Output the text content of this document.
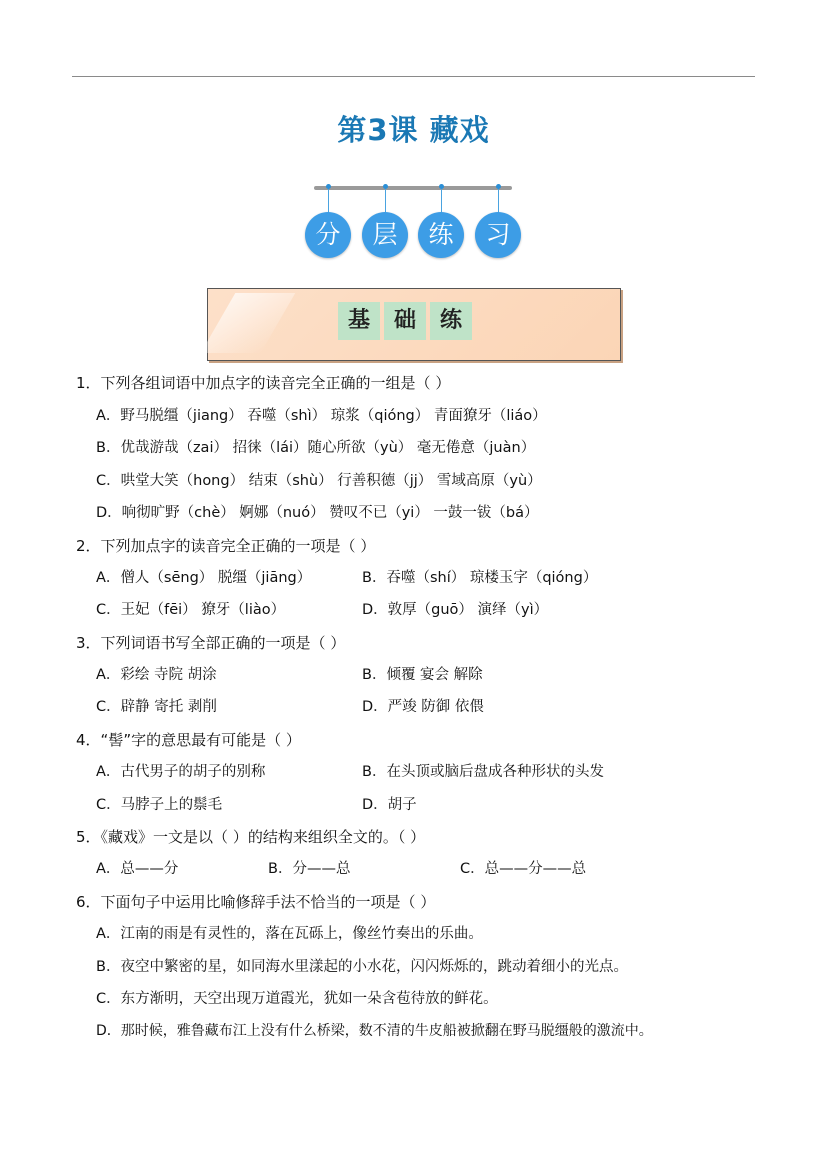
第3课 藏戏
分	层	练	习
基	础	练
1．下列各组词语中加点字的读音完全正确的一组是（ ）
A．野马脱缰（jiang） 吞噬（shì） 琼浆（qióng） 青面獠牙（liáo）
B．优哉游哉（zai） 招徕（lái）随心所欲（yù） 毫无倦意（juàn）
C．哄堂大笑（hong） 结束（shù） 行善积德（jj） 雪域高原（yù）
D．响彻旷野（chè） 婀娜（nuó） 赞叹不已（yi） 一鼓一钹（bá）
2．下列加点字的读音完全正确的一项是（ ）
A．僧人（sēng） 脱缰（jiāng）	B．吞噬（shí） 琼楼玉字（qióng）
C．王妃（fēi） 獠牙（liào）	D．敦厚（guō） 演绎（yì）
3．下列词语书写全部正确的一项是（ ）
A．彩绘 寺院 胡涂	B．倾覆 宴会 解除
C．辟静 寄托 剥削	D．严竣 防御 依偎
4．“髻”字的意思最有可能是（ ）
A．古代男子的胡子的别称	B．在头顶或脑后盘成各种形状的头发
C．马脖子上的鬃毛	D．胡子
5．《藏戏》一文是以（ ）的结构来组织全文的。（ ）
A．总——分	B．分——总	C．总——分——总
6．下面句子中运用比喻修辞手法不恰当的一项是（ ）
A．江南的雨是有灵性的，落在瓦砾上，像丝竹奏出的乐曲。
B．夜空中繁密的星，如同海水里漾起的小水花，闪闪烁烁的，跳动着细小的光点。
C．东方渐明，天空出现万道霞光，犹如一朵含苞待放的鲜花。
D．那时候，雅鲁藏布江上没有什么桥梁，数不清的牛皮船被掀翻在野马脱缰般的激流中。
